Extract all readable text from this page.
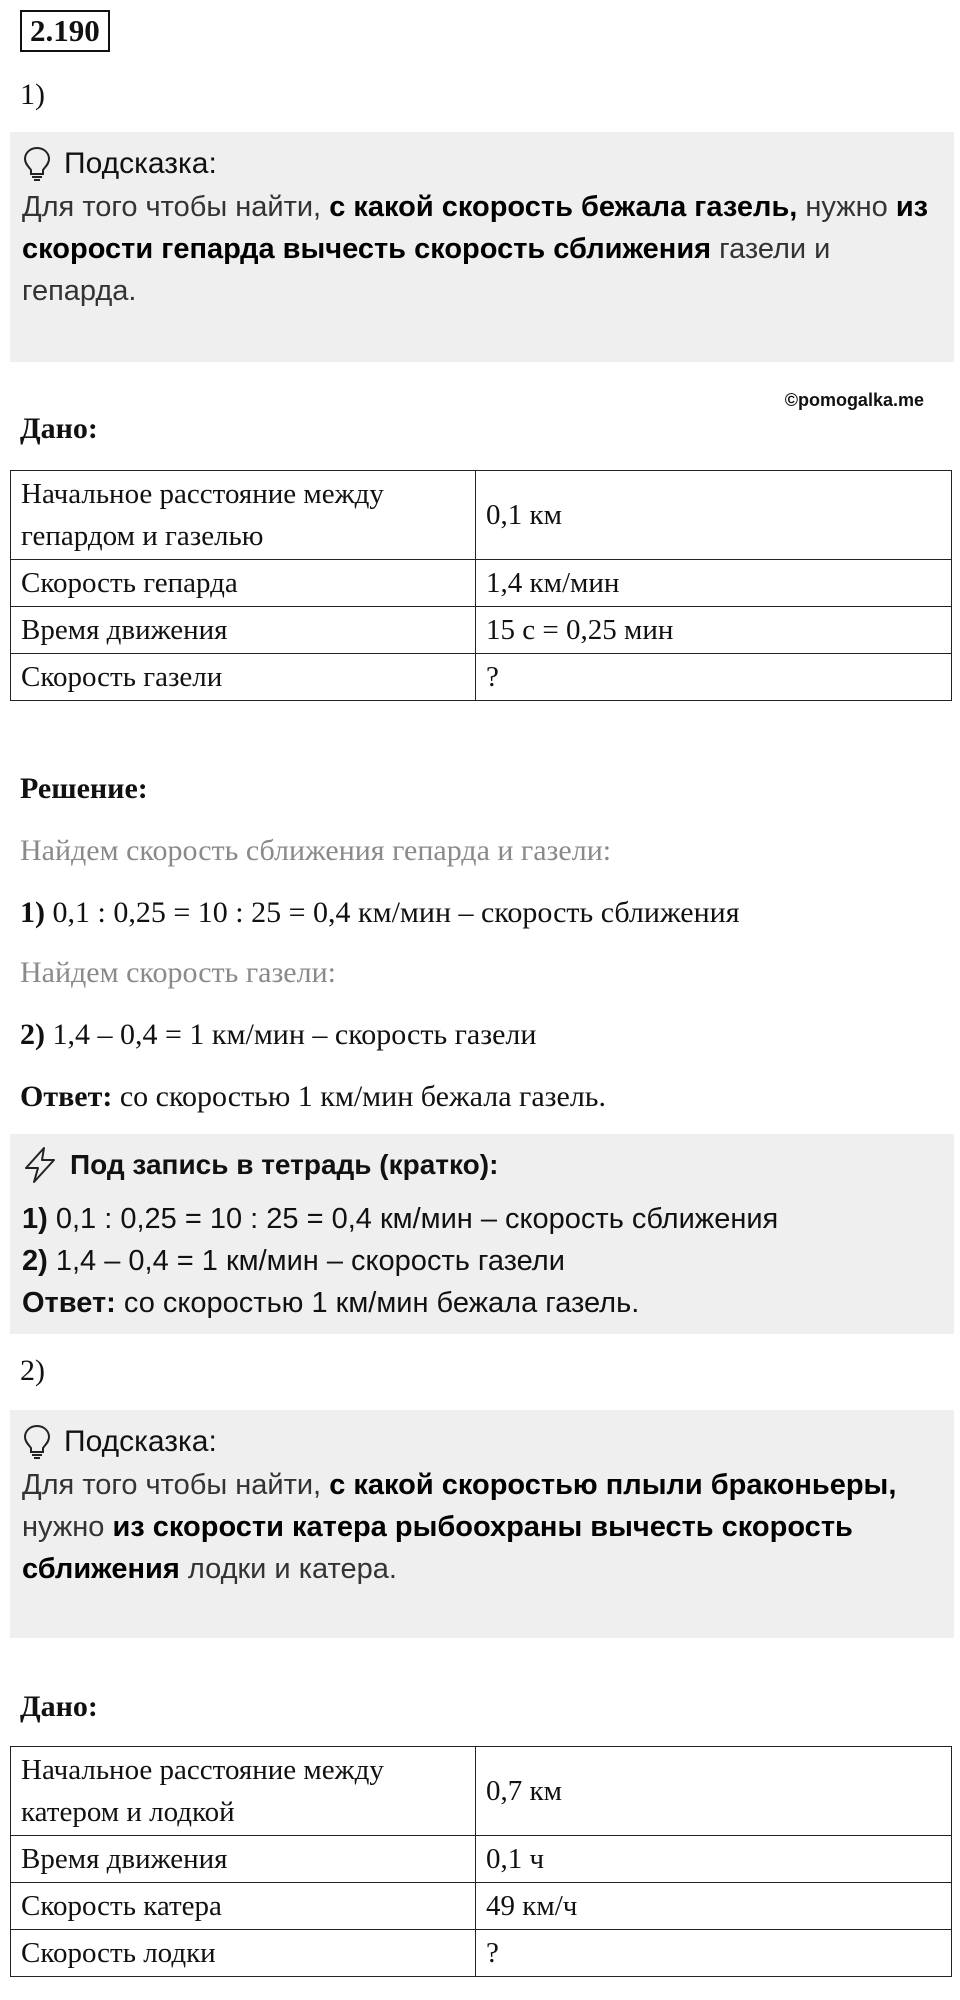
2.190
1)
Подсказка:
Для того чтобы найти, с какой скорость бежала газель, нужно из скорости гепарда вычесть скорость сближения газели и гепарда.
©pomogalka.me
Дано:
Начальное расстояние между гепардом и газелью	0,1 км
Скорость гепарда	1,4 км/мин
Время движения	15 с = 0,25 мин
Скорость газели	?
Решение:
Найдем скорость сближения гепарда и газели:
1) 0,1 : 0,25 = 10 : 25 = 0,4 км/мин – скорость сближения
Найдем скорость газели:
2) 1,4 – 0,4 = 1 км/мин – скорость газели
Ответ: со скоростью 1 км/мин бежала газель.
Под запись в тетрадь (кратко):
1) 0,1 : 0,25 = 10 : 25 = 0,4 км/мин – скорость сближения
2) 1,4 – 0,4 = 1 км/мин – скорость газели
Ответ: со скоростью 1 км/мин бежала газель.
2)
Подсказка:
Для того чтобы найти, с какой скоростью плыли браконьеры, нужно из скорости катера рыбоохраны вычесть скорость сближения лодки и катера.
Дано:
Начальное расстояние между катером и лодкой	0,7 км
Время движения	0,1 ч
Скорость катера	49 км/ч
Скорость лодки	?
